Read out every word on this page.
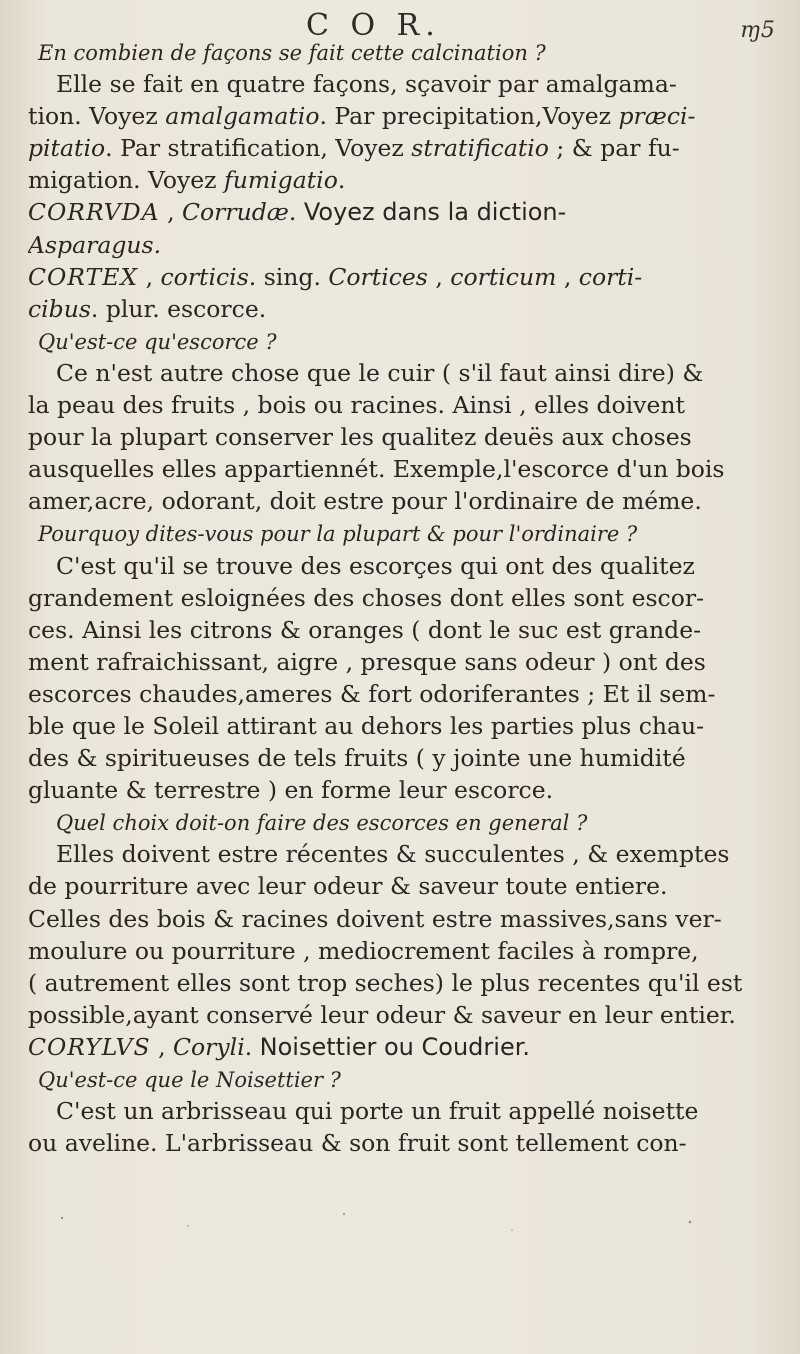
C O R.	ɱ5
En combien de façons se fait cette calcination ?
Elle se fait en quatre façons, sçavoir par amalgama-
tion. Voyez amalgamatio. Par precipitation,Voyez præci-
pitatio. Par stratification, Voyez stratificatio ; & par fu-
migation. Voyez fumigatio.
CORRVDA , Corrudæ. Voyez dans la diction-
Asparagus.
CORTEX , corticis. sing. Cortices , corticum , corti-
cibus. plur. escorce.
Qu'est-ce qu'escorce ?
Ce n'est autre chose que le cuir ( s'il faut ainsi dire) &
la peau des fruits , bois ou racines. Ainsi , elles doivent
pour la plupart conserver les qualitez deuës aux choses
ausquelles elles appartiennét. Exemple,l'escorce d'un bois
amer,acre, odorant, doit estre pour l'ordinaire de méme.
Pourquoy dites-vous pour la plupart & pour l'ordinaire ?
C'est qu'il se trouve des escorçes qui ont des qualitez
grandement esloignées des choses dont elles sont escor-
ces. Ainsi les citrons & oranges ( dont le suc est grande-
ment rafraichissant, aigre , presque sans odeur ) ont des
escorces chaudes,ameres & fort odoriferantes ; Et il sem-
ble que le Soleil attirant au dehors les parties plus chau-
des & spiritueuses de tels fruits ( y jointe une humidité
gluante & terrestre ) en forme leur escorce.
Quel choix doit-on faire des escorces en general ?
Elles doivent estre récentes & succulentes , & exemptes
de pourriture avec leur odeur & saveur toute entiere.
Celles des bois & racines doivent estre massives,sans ver-
moulure ou pourriture , mediocrement faciles à rompre,
( autrement elles sont trop seches) le plus recentes qu'il est
possible,ayant conservé leur odeur & saveur en leur entier.
CORYLVS , Coryli. Noisettier ou Coudrier.
Qu'est-ce que le Noisettier ?
C'est un arbrisseau qui porte un fruit appellé noisette
ou aveline. L'arbrisseau & son fruit sont tellement con-
